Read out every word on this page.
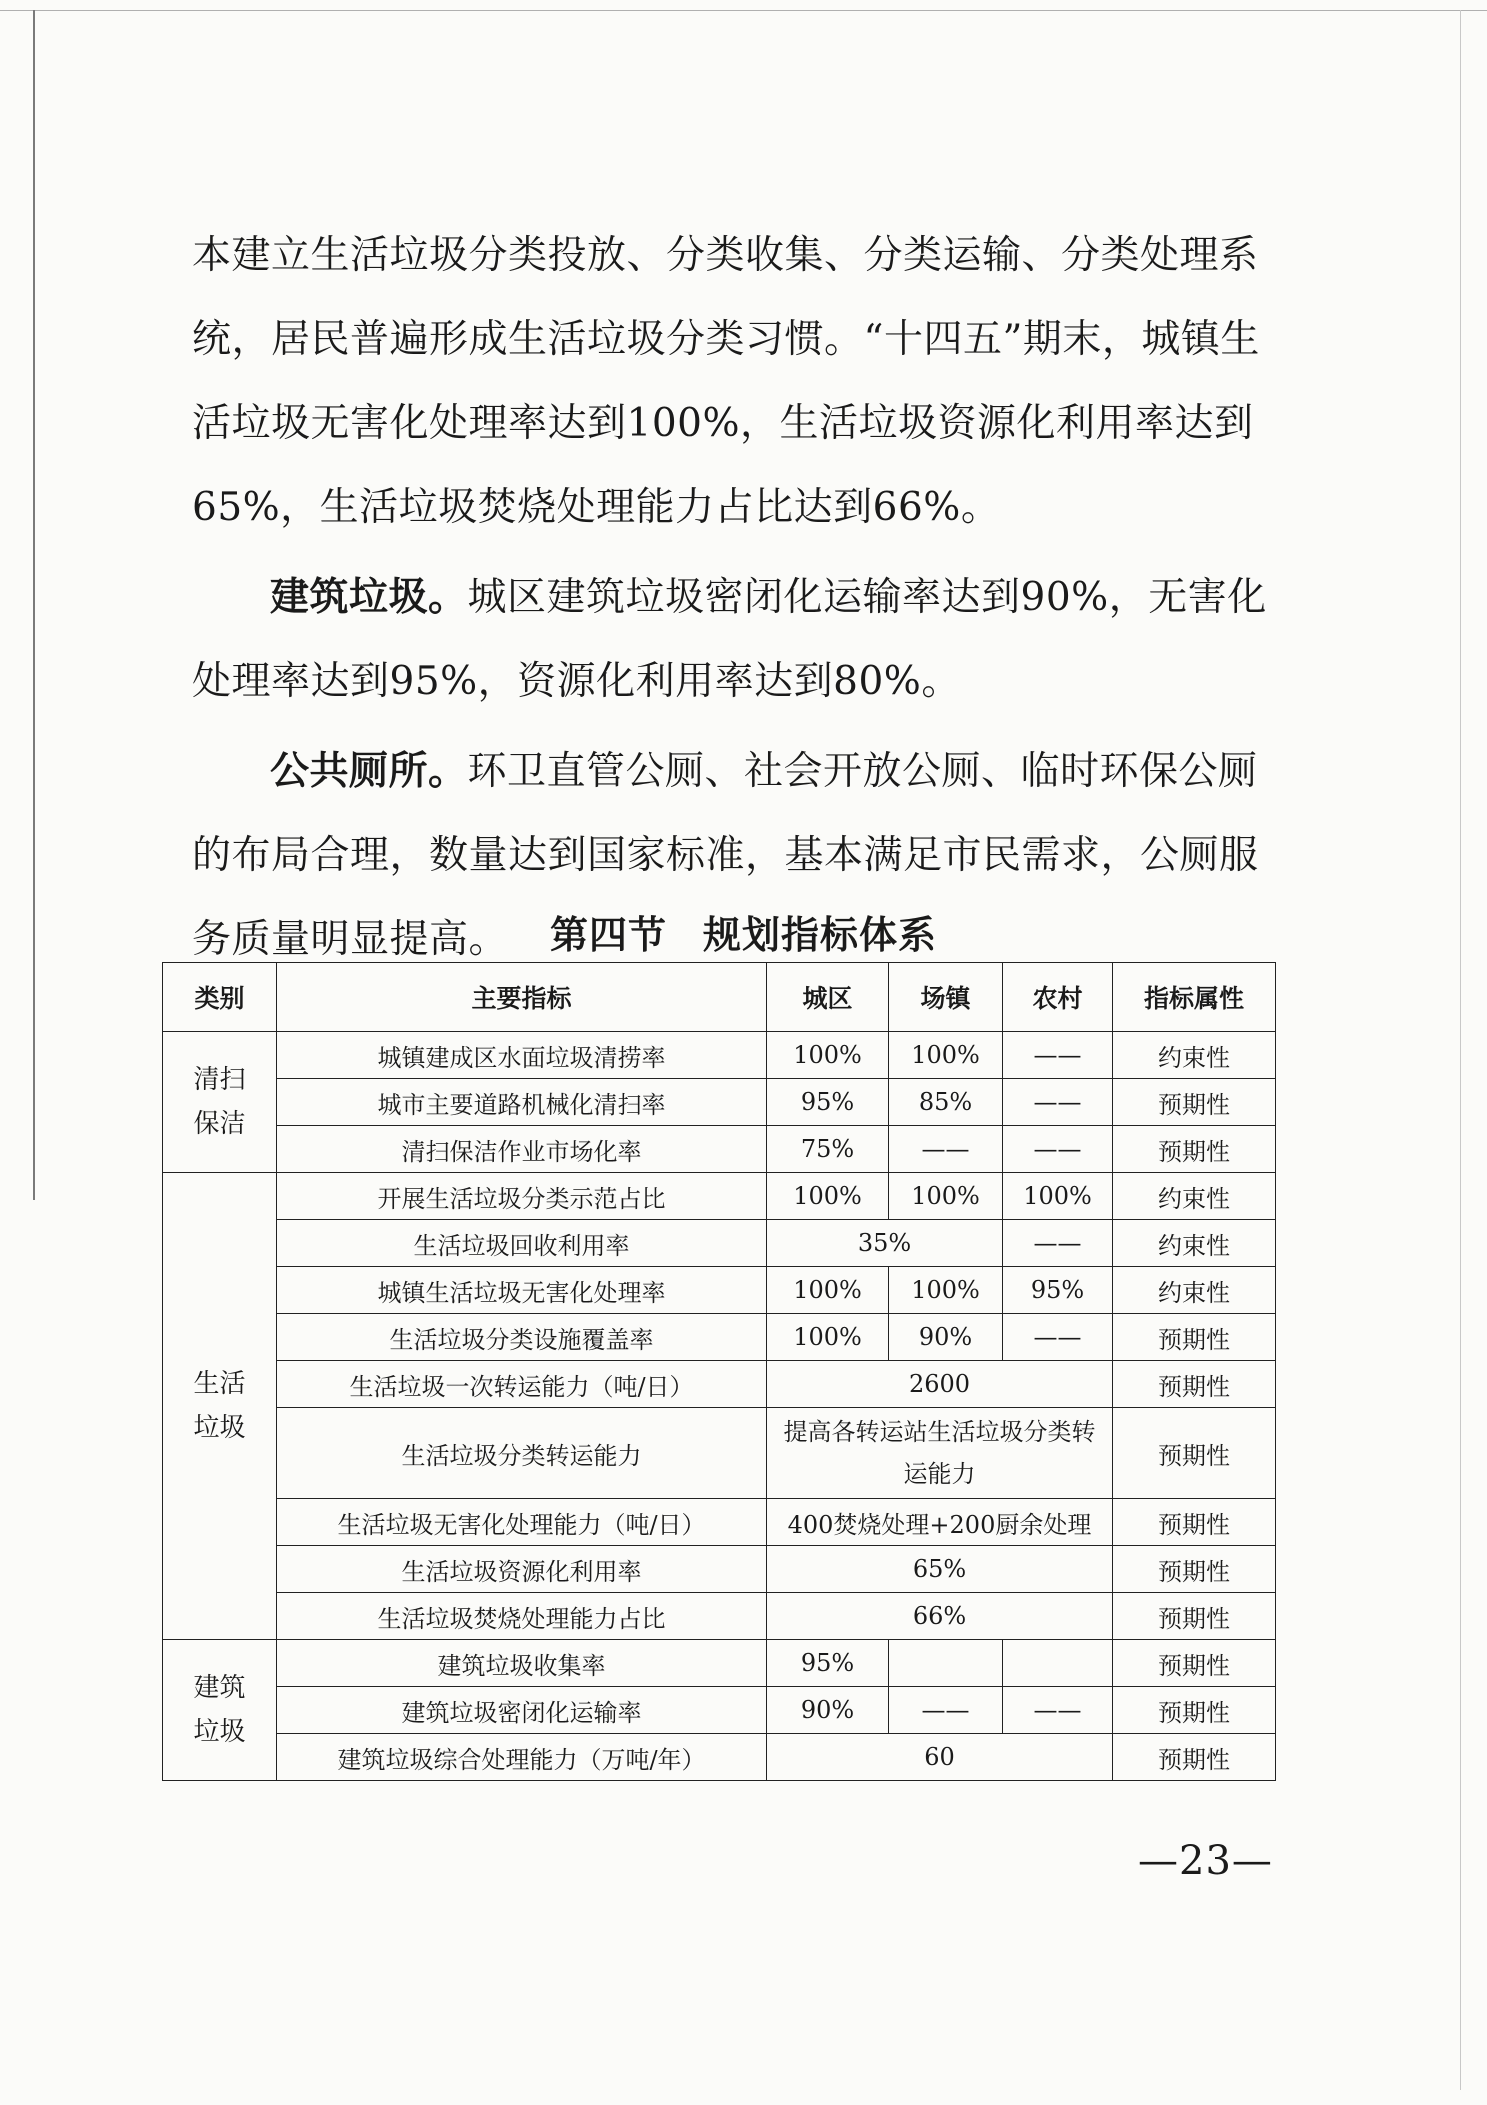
本建立生活垃圾分类投放、分类收集、分类运输、分类处理系统，居民普遍形成生活垃圾分类习惯。“十四五”期末，城镇生活垃圾无害化处理率达到100%，生活垃圾资源化利用率达到65%，生活垃圾焚烧处理能力占比达到66%。

建筑垃圾。城区建筑垃圾密闭化运输率达到90%，无害化处理率达到95%，资源化利用率达到80%。

公共厕所。环卫直管公厕、社会开放公厕、临时环保公厕的布局合理，数量达到国家标准，基本满足市民需求，公厕服务质量明显提高。	第四节 规划指标体系
类别	主要指标	城区	场镇	农村	指标属性
清扫保洁	城镇建成区水面垃圾清捞率	100%	100%	——	约束性
	城市主要道路机械化清扫率	95%	85%	——	预期性
	清扫保洁作业市场化率	75%	——	——	预期性
生活垃圾	开展生活垃圾分类示范占比	100%	100%	100%	约束性
	生活垃圾回收利用率	35%		——	约束性
	城镇生活垃圾无害化处理率	100%	100%	95%	约束性
	生活垃圾分类设施覆盖率	100%	90%	——	预期性
	生活垃圾一次转运能力（吨/日）	2600			预期性
	生活垃圾分类转运能力	提高各转运站生活垃圾分类转运能力			预期性
	生活垃圾无害化处理能力（吨/日）	400焚烧处理+200厨余处理			预期性
	生活垃圾资源化利用率	65%			预期性
	生活垃圾焚烧处理能力占比	66%			预期性
建筑垃圾	建筑垃圾收集率	95%			预期性
	建筑垃圾密闭化运输率	90%	——	——	预期性
	建筑垃圾综合处理能力（万吨/年）	60			预期性
—23—
